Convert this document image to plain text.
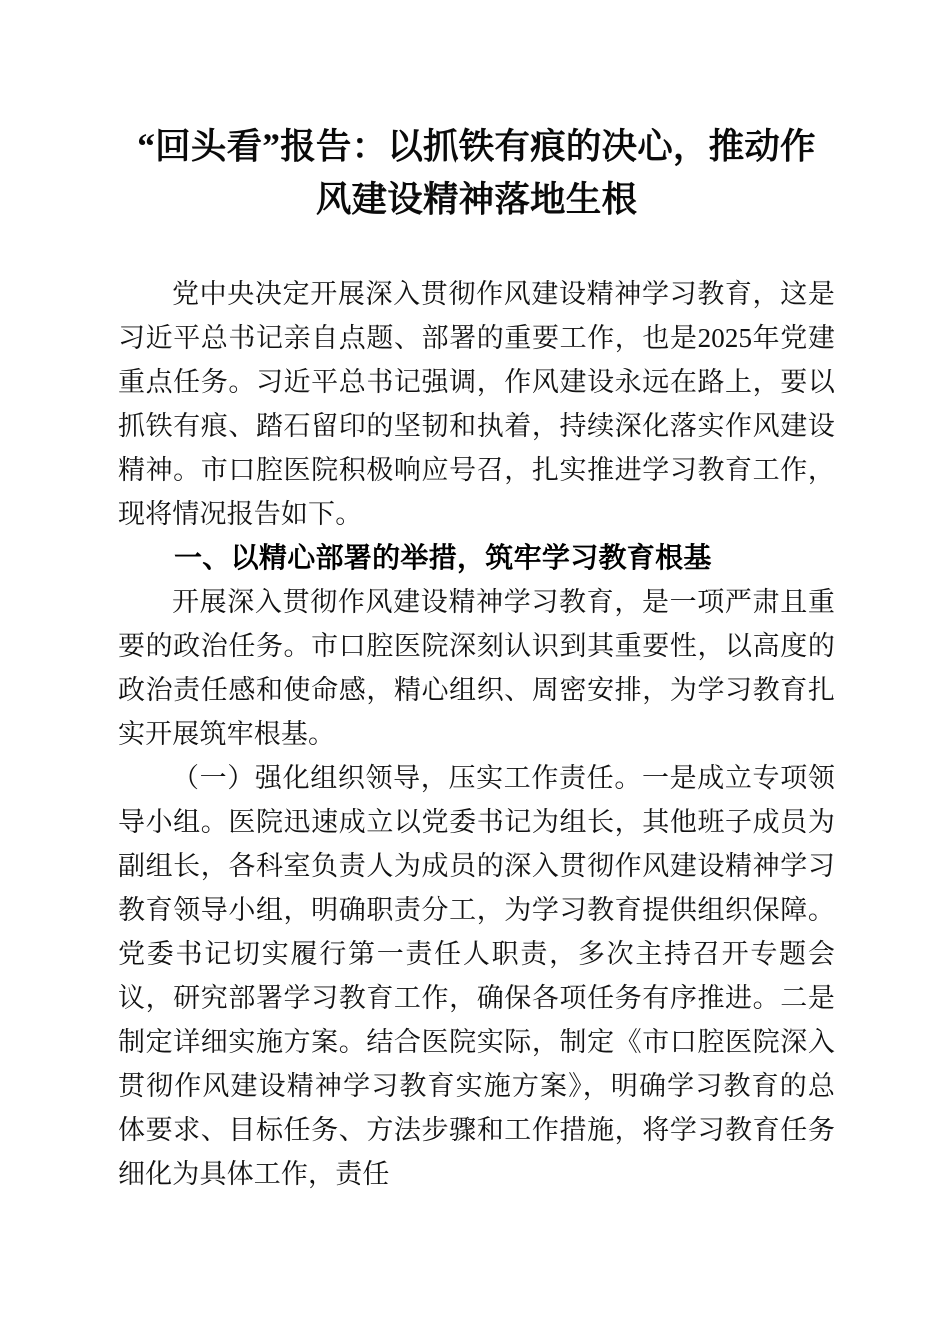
“回头看”报告：以抓铁有痕的决心，推动作风建设精神落地生根

党中央决定开展深入贯彻作风建设精神学习教育，这是习近平总书记亲自点题、部署的重要工作，也是2025年党建重点任务。习近平总书记强调，作风建设永远在路上，要以抓铁有痕、踏石留印的坚韧和执着，持续深化落实作风建设精神。市口腔医院积极响应号召，扎实推进学习教育工作，现将情况报告如下。

一、以精心部署的举措，筑牢学习教育根基

开展深入贯彻作风建设精神学习教育，是一项严肃且重要的政治任务。市口腔医院深刻认识到其重要性，以高度的政治责任感和使命感，精心组织、周密安排，为学习教育扎实开展筑牢根基。

（一）强化组织领导，压实工作责任。一是成立专项领导小组。医院迅速成立以党委书记为组长，其他班子成员为副组长，各科室负责人为成员的深入贯彻作风建设精神学习教育领导小组，明确职责分工，为学习教育提供组织保障。党委书记切实履行第一责任人职责，多次主持召开专题会议，研究部署学习教育工作，确保各项任务有序推进。二是制定详细实施方案。结合医院实际，制定《市口腔医院深入贯彻作风建设精神学习教育实施方案》，明确学习教育的总体要求、目标任务、方法步骤和工作措施，将学习教育任务细化为具体工作，责任
